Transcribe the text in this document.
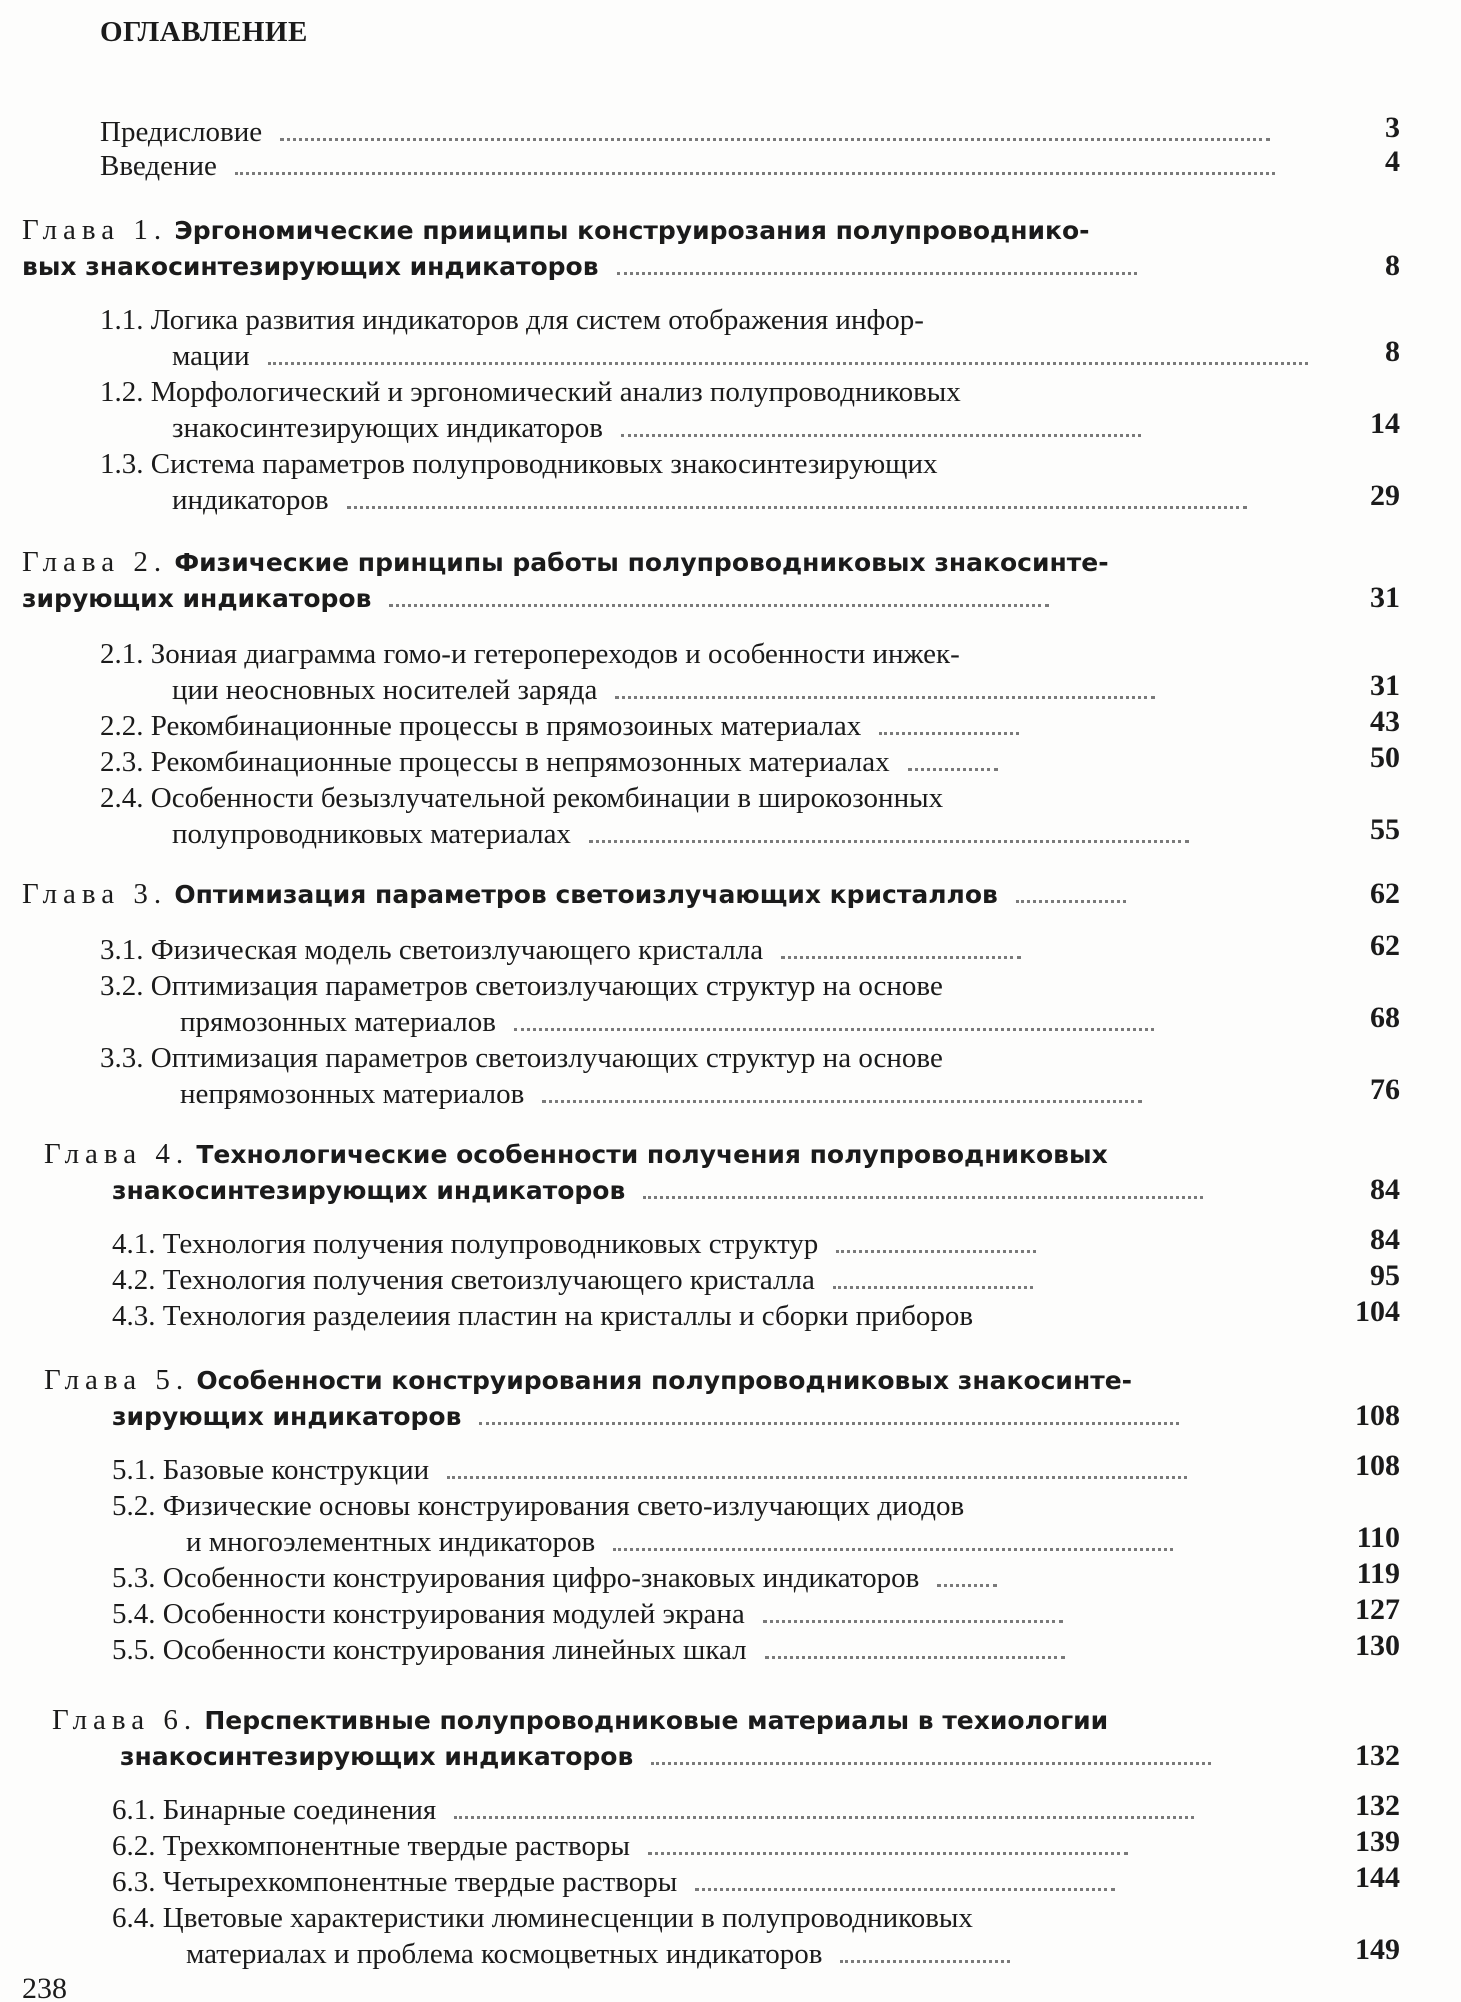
ОГЛАВЛЕНИЕ
Предисловие	3
Введение	4
Глава 1. Эргономические прииципы конструирозания полупроводнико-
вых знакосинтезирующих индикаторов	8
1.1. Логика развития индикаторов для систем отображения инфор-
мации	8
1.2. Морфологический и эргономический анализ полупроводниковых
знакосинтезирующих индикаторов	14
1.3. Система параметров полупроводниковых знакосинтезирующих
индикаторов	29
Глава 2. Физические принципы работы полупроводниковых знакосинте-
зирующих индикаторов	31
2.1. Зониая диаграмма гомо-и гетеропереходов и особенности инжек-
ции неосновных носителей заряда	31
2.2. Рекомбинационные процессы в прямозоиных материалах	43
2.3. Рекомбинационные процессы в непрямозонных материалах	50
2.4. Особенности безызлучательной рекомбинации в широкозонных
полупроводниковых материалах	55
Глава 3. Оптимизация параметров светоизлучающих кристаллов	62
3.1. Физическая модель светоизлучающего кристалла	62
3.2. Оптимизация параметров светоизлучающих структур на основе
прямозонных материалов	68
3.3. Оптимизация параметров светоизлучающих структур на основе
непрямозонных материалов	76
Глава 4. Технологические особенности получения полупроводниковых
знакосинтезирующих индикаторов	84
4.1. Технология получения полупроводниковых структур	84
4.2. Технология получения светоизлучающего кристалла	95
4.3. Технология разделеиия пластин на кристаллы и сборки приборов	104
Глава 5. Особенности конструирования полупроводниковых знакосинте-
зирующих индикаторов	108
5.1. Базовые конструкции	108
5.2. Физические основы конструирования свето-излучающих диодов
и многоэлементных индикаторов	110
5.3. Особенности конструирования цифро-знаковых индикаторов	119
5.4. Особенности конструирования модулей экрана	127
5.5. Особенности конструирования линейных шкал	130
Глава 6. Перспективные полупроводниковые материалы в техиологии
знакосинтезирующих индикаторов	132
6.1. Бинарные соединения	132
6.2. Трехкомпонентные твердые растворы	139
6.3. Четырехкомпонентные твердые растворы	144
6.4. Цветовые характеристики люминесценции в полупроводниковых
материалах и проблема космоцветных индикаторов	149
238
